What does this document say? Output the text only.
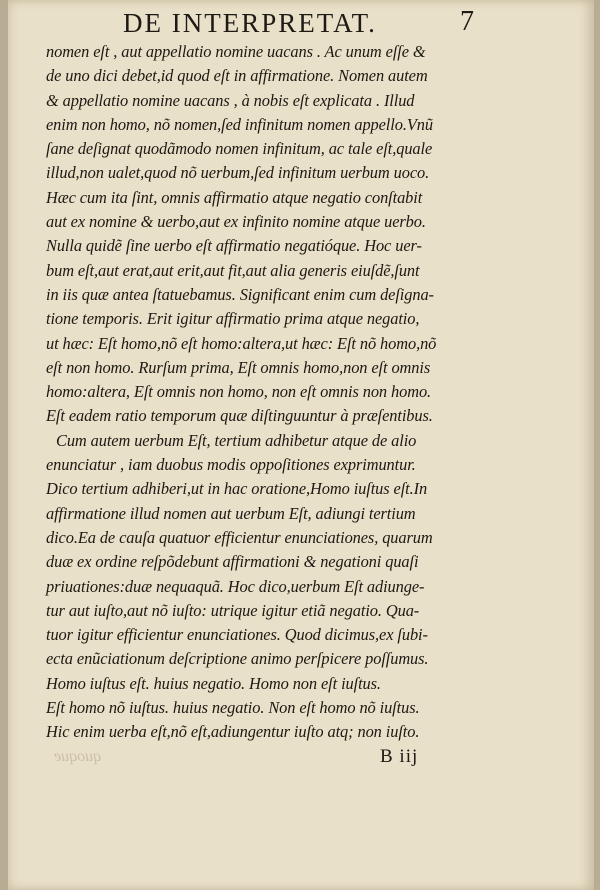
DE INTERPRETAT.	7
nomen eſt , aut appellatio nomine uacans . Ac unum eſſe &
de uno dici debet,id quod eſt in affirmatione. Nomen autem
& appellatio nomine uacans , à nobis eſt explicata . Illud
enim non homo, nõ nomen,ſed infinitum nomen appello.Vnũ
ſane deſignat quodãmodo nomen infinitum, ac tale eſt,quale
illud,non ualet,quod nõ uerbum,ſed infinitum uerbum uoco.
Hæc cum ita ſint, omnis affirmatio atque negatio conſtabit
aut ex nomine & uerbo,aut ex infinito nomine atque uerbo.
Nulla quidẽ ſine uerbo eſt affirmatio negatióque. Hoc uer-
bum eſt,aut erat,aut erit,aut fit,aut alia generis eiuſdẽ,ſunt
in iis quæ antea ſtatuebamus. Significant enim cum deſigna-
tione temporis. Erit igitur affirmatio prima atque negatio,
ut hæc: Eſt homo,nõ eſt homo:altera,ut hæc: Eſt nõ homo,nõ
eſt non homo. Rurſum prima, Eſt omnis homo,non eſt omnis
homo:altera, Eſt omnis non homo, non eſt omnis non homo.
Eſt eadem ratio temporum quæ diſtinguuntur à præſentibus.
Cum autem uerbum Eſt, tertium adhibetur atque de alio
enunciatur , iam duobus modis oppoſitiones exprimuntur.
Dico tertium adhiberi,ut in hac oratione,Homo iuſtus eſt.In
affirmatione illud nomen aut uerbum Eſt, adiungi tertium
dico.Ea de cauſa quatuor efficientur enunciationes, quarum
duæ ex ordine reſpõdebunt affirmationi & negationi quaſi
priuationes:duæ nequaquã. Hoc dico,uerbum Eſt adiunge-
tur aut iuſto,aut nõ iuſto: utrique igitur etiã negatio. Qua-
tuor igitur efficientur enunciationes. Quod dicimus,ex ſubi-
ecta enũciationum deſcriptione animo perſpicere poſſumus.
Homo iuſtus eſt. huius negatio. Homo non eſt iuſtus.
Eſt homo nõ iuſtus. huius negatio. Non eſt homo nõ iuſtus.
Hic enim uerba eſt,nõ eſt,adiungentur iuſto atq; non iuſto.
quoque	B iij
